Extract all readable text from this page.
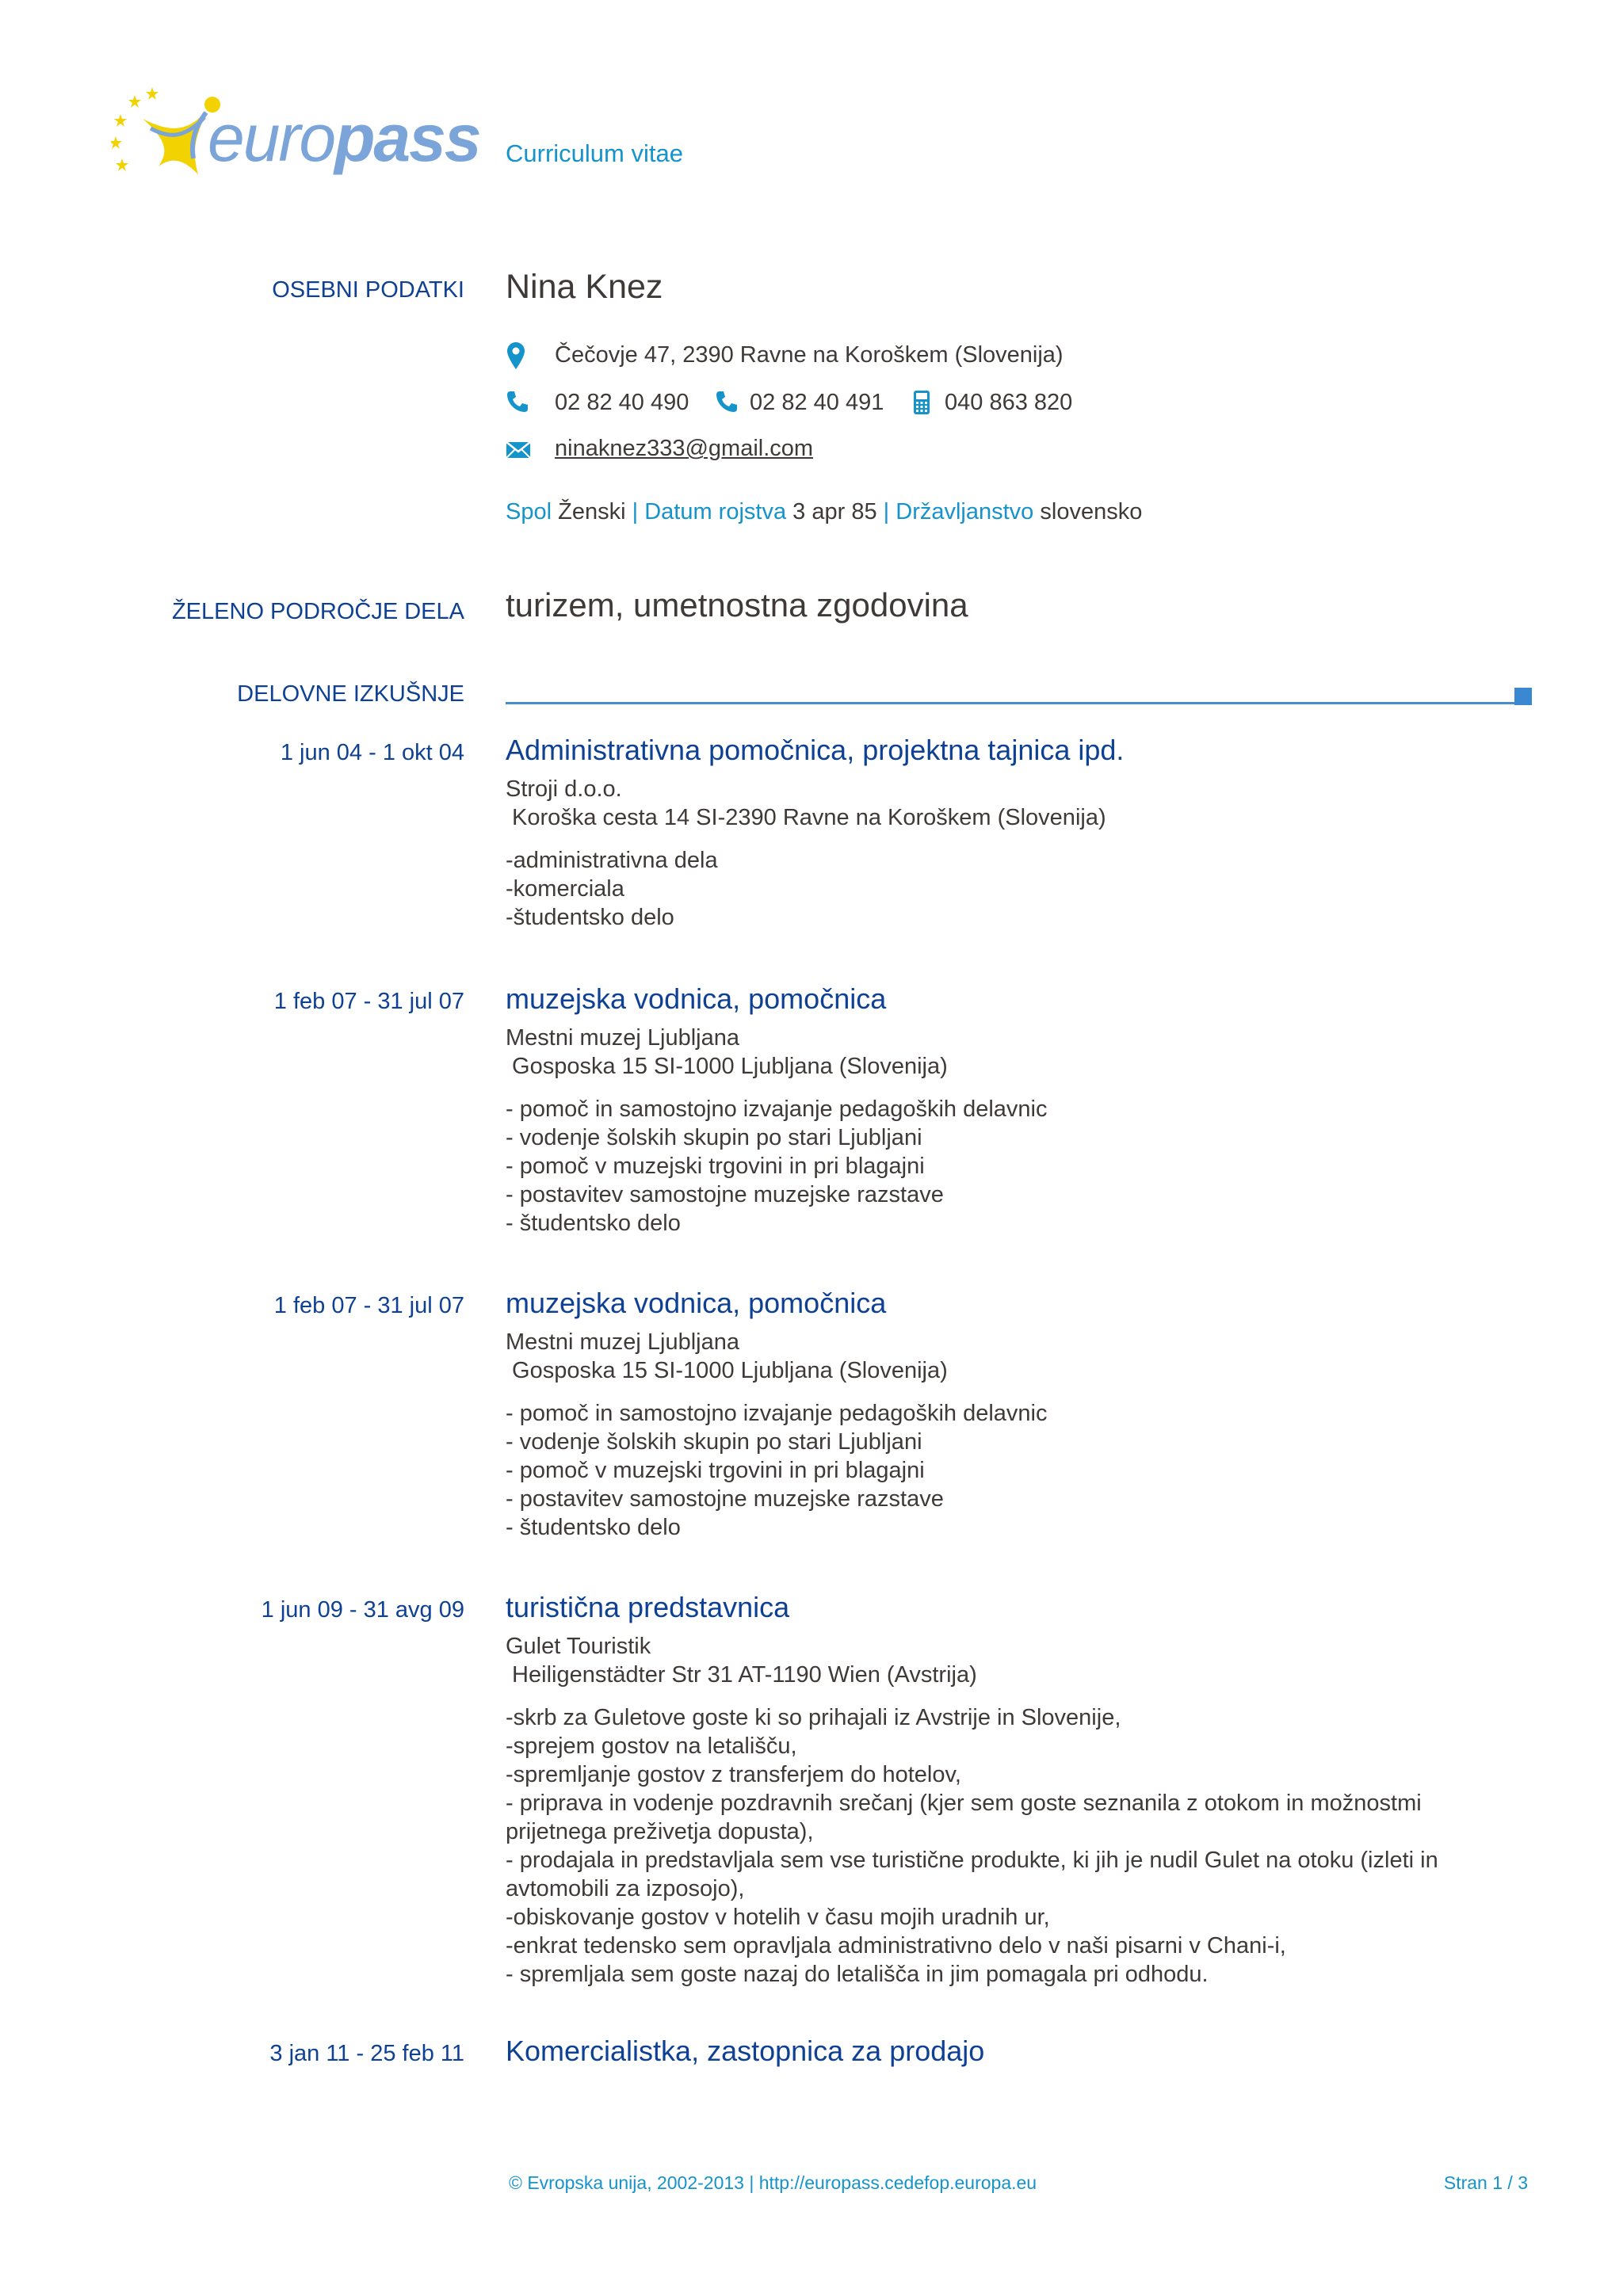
europass Curriculum vitae
OSEBNI PODATKI Nina Knez
Čečovje 47, 2390 Ravne na Koroškem (Slovenija)
02 82 40 490	02 82 40 491	040 863 820
ninaknez333@gmail.com
Spol Ženski | Datum rojstva 3 apr 85 | Državljanstvo slovensko
ŽELENO PODROČJE DELA turizem, umetnostna zgodovina
DELOVNE IZKUŠNJE
1 jun 04 - 1 okt 04 Administrativna pomočnica, projektna tajnica ipd.
Stroji d.o.o.
Koroška cesta 14 SI-2390 Ravne na Koroškem (Slovenija)
-administrativna dela
-komerciala
-študentsko delo
1 feb 07 - 31 jul 07 muzejska vodnica, pomočnica
Mestni muzej Ljubljana
Gosposka 15 SI-1000 Ljubljana (Slovenija)
- pomoč in samostojno izvajanje pedagoških delavnic
- vodenje šolskih skupin po stari Ljubljani
- pomoč v muzejski trgovini in pri blagajni
- postavitev samostojne muzejske razstave
- študentsko delo
1 feb 07 - 31 jul 07 muzejska vodnica, pomočnica
Mestni muzej Ljubljana
Gosposka 15 SI-1000 Ljubljana (Slovenija)
- pomoč in samostojno izvajanje pedagoških delavnic
- vodenje šolskih skupin po stari Ljubljani
- pomoč v muzejski trgovini in pri blagajni
- postavitev samostojne muzejske razstave
- študentsko delo
1 jun 09 - 31 avg 09 turistična predstavnica
Gulet Touristik
Heiligenstädter Str 31 AT-1190 Wien (Avstrija)
-skrb za Guletove goste ki so prihajali iz Avstrije in Slovenije,
-sprejem gostov na letališču,
-spremljanje gostov z transferjem do hotelov,
- priprava in vodenje pozdravnih srečanj (kjer sem goste seznanila z otokom in možnostmi prijetnega preživetja dopusta),
- prodajala in predstavljala sem vse turistične produkte, ki jih je nudil Gulet na otoku (izleti in avtomobili za izposojo),
-obiskovanje gostov v hotelih v času mojih uradnih ur,
-enkrat tedensko sem opravljala administrativno delo v naši pisarni v Chani-i,
- spremljala sem goste nazaj do letališča in jim pomagala pri odhodu.
3 jan 11 - 25 feb 11 Komercialistka, zastopnica za prodajo
© Evropska unija, 2002-2013 | http://europass.cedefop.europa.eu	Stran 1 / 3
